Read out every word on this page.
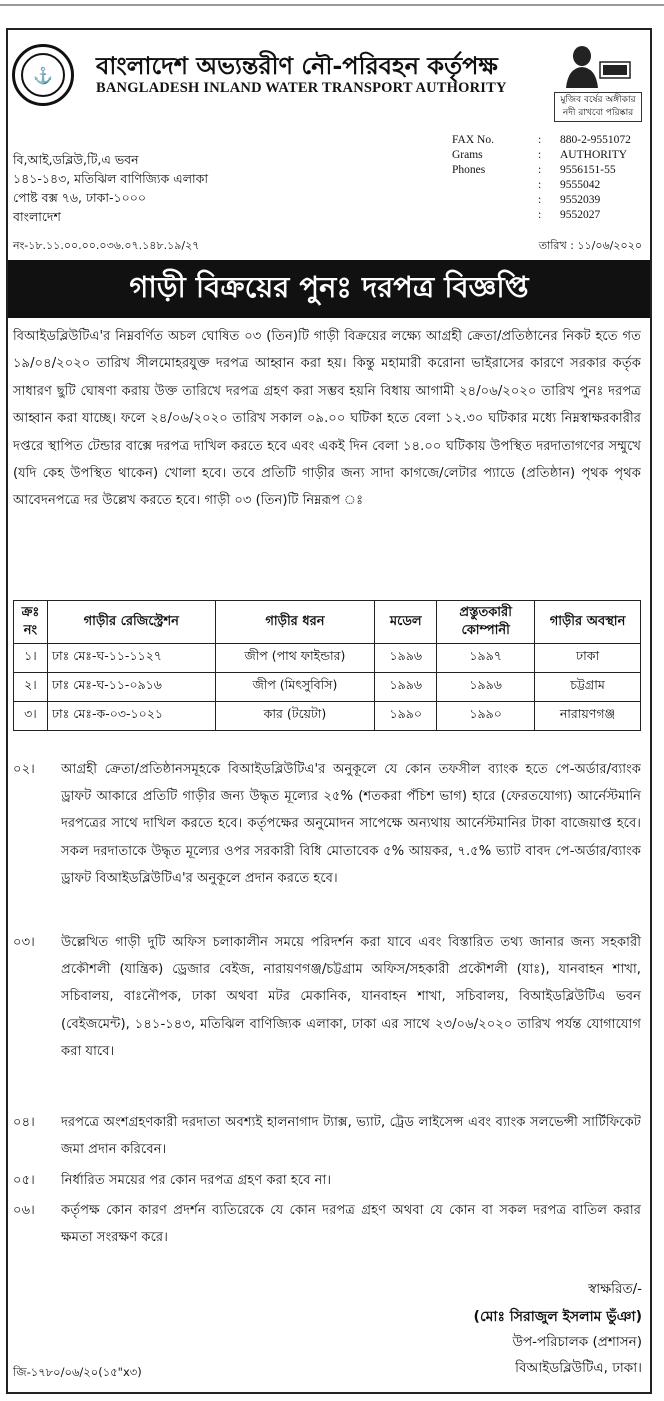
⚓	বাংলাদেশ অভ্যন্তরীণ নৌ-পরিবহন কর্তৃপক্ষ
BANGLADESH INLAND WATER TRANSPORT AUTHORITY
মুজিব বর্ষের অঙ্গীকার
নদী রাখবো পরিষ্কার
বি,আই,ডব্লিউ,টি,এ ভবন
১৪১-১৪৩, মতিঝিল বাণিজ্যিক এলাকা
পোষ্ট বক্স ৭৬, ঢাকা-১০০০
বাংলাদেশ
FAX No.	:	880-2-9551072
Grams	:	AUTHORITY
Phones	:	9556151-55
	:	9555042
	:	9552039
	:	9552027
নং-১৮.১১.০০.০০.০৩৬.০৭.১৪৮.১৯/২৭	তারিখ : ১১/০৬/২০২০
গাড়ী বিক্রয়ের পুনঃ দরপত্র বিজ্ঞপ্তি
বিআইডব্লিউটিএ'র নিম্নবর্ণিত অচল ঘোষিত ০৩ (তিন)টি গাড়ী বিক্রয়ের লক্ষ্যে আগ্রহী ক্রেতা/প্রতিষ্ঠানের নিকট হতে গত ১৯/০৪/২০২০ তারিখ সীলমোহরযুক্ত দরপত্র আহ্বান করা হয়। কিন্তু মহামারী করোনা ভাইরাসের কারণে সরকার কর্তৃক সাধারণ ছুটি ঘোষণা করায় উক্ত তারিখে দরপত্র গ্রহণ করা সম্ভব হয়নি বিধায় আগামী ২৪/০৬/২০২০ তারিখ পুনঃ দরপত্র আহ্বান করা যাচ্ছে। ফলে ২৪/০৬/২০২০ তারিখ সকাল ০৯.০০ ঘটিকা হতে বেলা ১২.৩০ ঘটিকার মধ্যে নিম্নস্বাক্ষরকারীর দপ্তরে স্থাপিত টেন্ডার বাক্সে দরপত্র দাখিল করতে হবে এবং একই দিন বেলা ১৪.০০ ঘটিকায় উপস্থিত দরদাতাগণের সম্মুখে (যদি কেহ উপস্থিত থাকেন) খোলা হবে। তবে প্রতিটি গাড়ীর জন্য সাদা কাগজে/লেটার প্যাডে (প্রতিষ্ঠান) পৃথক পৃথক আবেদনপত্রে দর উল্লেখ করতে হবে। গাড়ী ০৩ (তিন)টি নিম্নরূপ ঃ
ক্রঃ নং	গাড়ীর রেজিস্ট্রেশন	গাড়ীর ধরন	মডেল	প্রস্তুতকারী কোম্পানী	গাড়ীর অবস্থান
১।	ঢাঃ মেঃ-ঘ-১১-১১২৭	জীপ (পাথ ফাইন্ডার)	১৯৯৬	১৯৯৭	ঢাকা
২।	ঢাঃ মেঃ-ঘ-১১-০৯১৬	জীপ (মিৎসুবিসি)	১৯৯৬	১৯৯৬	চট্টগ্রাম
৩।	ঢাঃ মেঃ-ক-০৩-১০২১	কার (টয়েটা)	১৯৯০	১৯৯০	নারায়ণগঞ্জ
০২।	আগ্রহী ক্রেতা/প্রতিষ্ঠানসমূহকে বিআইডব্লিউটিএ'র অনুকূলে যে কোন তফসীল ব্যাংক হতে পে-অর্ডার/ব্যাংক ড্রাফট আকারে প্রতিটি গাড়ীর জন্য উদ্ধৃত মূল্যের ২৫% (শতকরা পঁচিশ ভাগ) হারে (ফেরতযোগ্য) আর্নেস্টমানি দরপত্রের সাথে দাখিল করতে হবে। কর্তৃপক্ষের অনুমোদন সাপেক্ষে অন্যথায় আর্নেস্টমানির টাকা বাজেয়াপ্ত হবে। সকল দরদাতাকে উদ্ধৃত মূল্যের ওপর সরকারী বিধি মোতাবেক ৫% আয়কর, ৭.৫% ভ্যাট বাবদ পে-অর্ডার/ব্যাংক ড্রাফট বিআইডব্লিউটিএ'র অনুকূলে প্রদান করতে হবে।
০৩।	উল্লেখিত গাড়ী দুটি অফিস চলাকালীন সময়ে পরিদর্শন করা যাবে এবং বিস্তারিত তথ্য জানার জন্য সহকারী প্রকৌশলী (যান্ত্রিক) ড্রেজার বেইজ, নারায়ণগঞ্জ/চট্টগ্রাম অফিস/সহকারী প্রকৌশলী (যাঃ), যানবাহন শাখা, সচিবালয়, বাঃনৌপক, ঢাকা অথবা মটর মেকানিক, যানবাহন শাখা, সচিবালয়, বিআইডব্লিউটিএ ভবন (বেইজমেন্ট), ১৪১-১৪৩, মতিঝিল বাণিজ্যিক এলাকা, ঢাকা এর সাথে ২৩/০৬/২০২০ তারিখ পর্যন্ত যোগাযোগ করা যাবে।
০৪।	দরপত্রে অংশগ্রহণকারী দরদাতা অবশ্যই হালনাগাদ ট্যাক্স, ভ্যাট, ট্রেড লাইসেন্স এবং ব্যাংক সলভেন্সী সার্টিফিকেট জমা প্রদান করিবেন।
০৫।	নির্ধারিত সময়ের পর কোন দরপত্র গ্রহণ করা হবে না।
০৬।	কর্তৃপক্ষ কোন কারণ প্রদর্শন ব্যতিরেকে যে কোন দরপত্র গ্রহণ অথবা যে কোন বা সকল দরপত্র বাতিল করার ক্ষমতা সংরক্ষণ করে।
স্বাক্ষরিত/-
(মোঃ সিরাজুল ইসলাম ভুঁঞা)
উপ-পরিচালক (প্রশাসন)
বিআইডব্লিউটিএ, ঢাকা।
জি-১৭৮০/০৬/২০(১৫"x৩)
